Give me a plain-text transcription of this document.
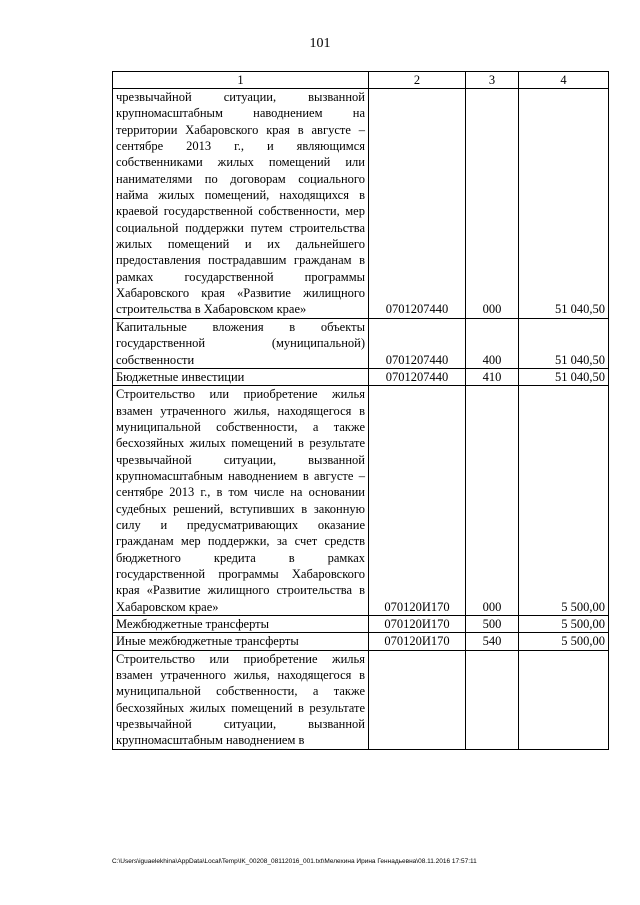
101
1	2	3	4
чрезвычайной ситуации, вызванной крупномасштабным наводнением на территории Хабаровского края в августе – сентябре 2013 г., и являющимся собственниками жилых помещений или нанимателями по договорам социального найма жилых помещений, находящихся в краевой государственной собственности, мер социальной поддержки путем строительства жилых помещений и их дальнейшего предоставления пострадавшим гражданам в рамках государственной программы Хабаровского края «Развитие жилищного строительства в Хабаровском крае»	0701207440	000	51 040,50
Капитальные вложения в объекты государственной (муниципальной) собственности	0701207440	400	51 040,50
Бюджетные инвестиции	0701207440	410	51 040,50
Строительство или приобретение жилья взамен утраченного жилья, находящегося в муниципальной собственности, а также бесхозяйных жилых помещений в результате чрезвычайной ситуации, вызванной крупномасштабным наводнением в августе – сентябре 2013 г., в том числе на основании судебных решений, вступивших в законную силу и предусматривающих оказание гражданам мер поддержки, за счет средств бюджетного кредита в рамках государственной программы Хабаровского края «Развитие жилищного строительства в Хабаровском крае»	070120И170	000	5 500,00
Межбюджетные трансферты	070120И170	500	5 500,00
Иные межбюджетные трансферты	070120И170	540	5 500,00
Строительство или приобретение жилья взамен утраченного жилья, находящегося в муниципальной собственности, а также бесхозяйных жилых помещений в результате чрезвычайной ситуации, вызванной крупномасштабным наводнением в			
C:\Users\iguaelekhina\AppData\Local\Temp\IK_00208_08112016_001.txt\Мелехина Ирина Геннадьевна\08.11.2016 17:57:11
